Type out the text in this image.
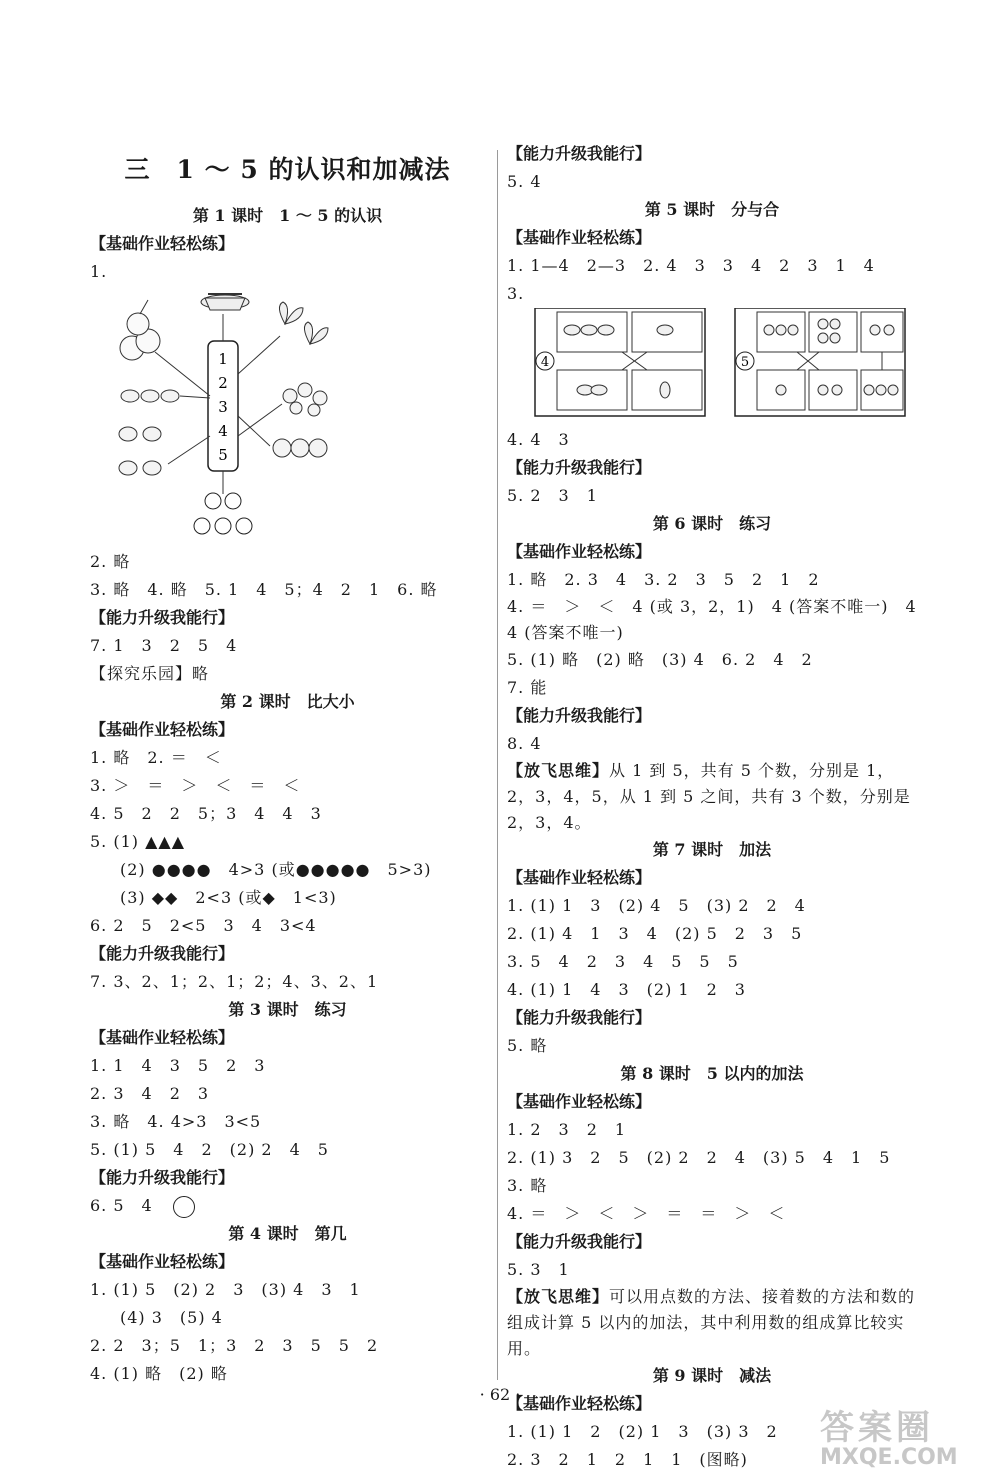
三　1 ～ 5 的认识和加减法
第 1 课时　1 ～ 5 的认识
【基础作业轻松练】
1.
1
2
3
4
5
2. 略
3. 略　4. 略　5. 1　4　5；4　2　1　6. 略
【能力升级我能行】
7. 1　3　2　5　4
【探究乐园】略
第 2 课时　比大小
【基础作业轻松练】
1. 略　2. ＝　＜
3. ＞　＝　＞　＜　＝　＜
4. 5　2　2　5；3　4　4　3
5. (1) ▲▲▲
(2) ●●●●　4>3 (或●●●●●　5>3)
(3) ◆◆　2<3 (或◆　1<3)
6. 2　5　2<5　3　4　3<4
【能力升级我能行】
7. 3、2、1；2、1；2；4、3、2、1
第 3 课时　练习
【基础作业轻松练】
1. 1　4　3　5　2　3
2. 3　4　2　3
3. 略　4. 4>3　3<5
5. (1) 5　4　2　(2) 2　4　5
【能力升级我能行】
6. 5　4
第 4 课时　第几
【基础作业轻松练】
1. (1) 5　(2) 2　3　(3) 4　3　1
(4) 3　(5) 4
2. 2　3；5　1；3　2　3　5　5　2
4. (1) 略　(2) 略
【能力升级我能行】
5. 4
第 5 课时　分与合
【基础作业轻松练】
1. 1—4　2—3　2. 4　3　3　4　2　3　1　4
3.
4	5
4. 4　3
【能力升级我能行】
5. 2　3　1
第 6 课时　练习
【基础作业轻松练】
1. 略　2. 3　4　3. 2　3　5　2　1　2
4. ＝　＞　＜　4 (或 3，2，1)　4 (答案不唯一)　4　4 (答案不唯一)
5. (1) 略　(2) 略　(3) 4　6. 2　4　2
7. 能
【能力升级我能行】
8. 4
【放飞思维】从 1 到 5，共有 5 个数，分别是 1，2，3，4，5，从 1 到 5 之间，共有 3 个数，分别是 2，3，4。
第 7 课时　加法
【基础作业轻松练】
1. (1) 1　3　(2) 4　5　(3) 2　2　4
2. (1) 4　1　3　4　(2) 5　2　3　5
3. 5　4　2　3　4　5　5　5
4. (1) 1　4　3　(2) 1　2　3
【能力升级我能行】
5. 略
第 8 课时　5 以内的加法
【基础作业轻松练】
1. 2　3　2　1
2. (1) 3　2　5　(2) 2　2　4　(3) 5　4　1　5
3. 略
4. ＝　＞　＜　＞　＝　＝　＞　＜
【能力升级我能行】
5. 3　1
【放飞思维】可以用点数的方法、接着数的方法和数的组成计算 5 以内的加法，其中利用数的组成算比较实用。
第 9 课时　减法
【基础作业轻松练】
1. (1) 1　2　(2) 1　3　(3) 3　2
2. 3　2　1　2　1　1　(图略)
· 62 ·
答案圈
MXQE.COM
